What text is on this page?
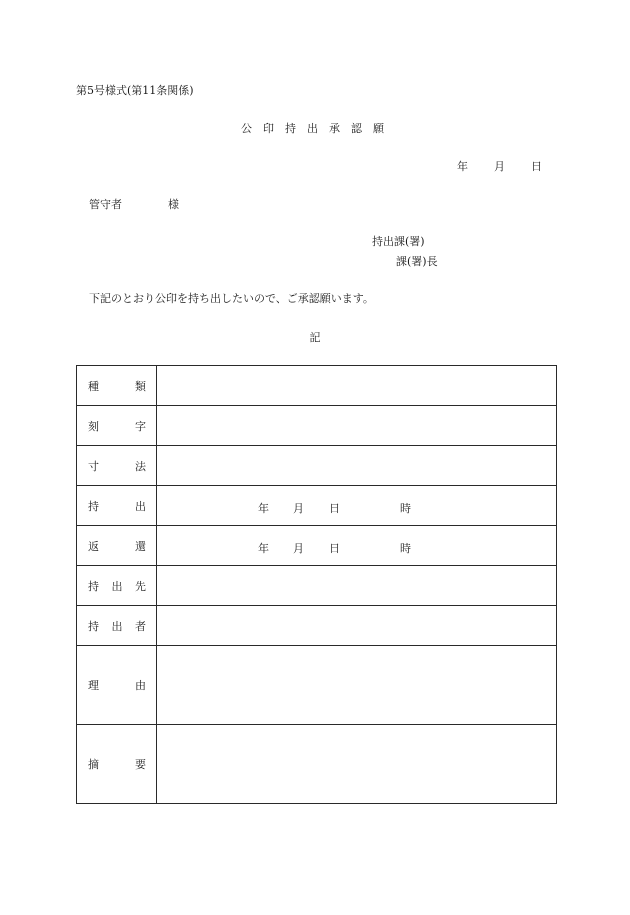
第5号様式(第11条関係)
公印持出承認願
年 月 日
管守者	様
持出課(署)
課(署)長
下記のとおり公印を持ち出したいので、ご承認願います。
記
種 類	

刻 字	

寸 法	

持 出	年 月 日 時

返 還	年 月 日 時

持 出 先	

持 出 者	

理 由	

摘 要	
